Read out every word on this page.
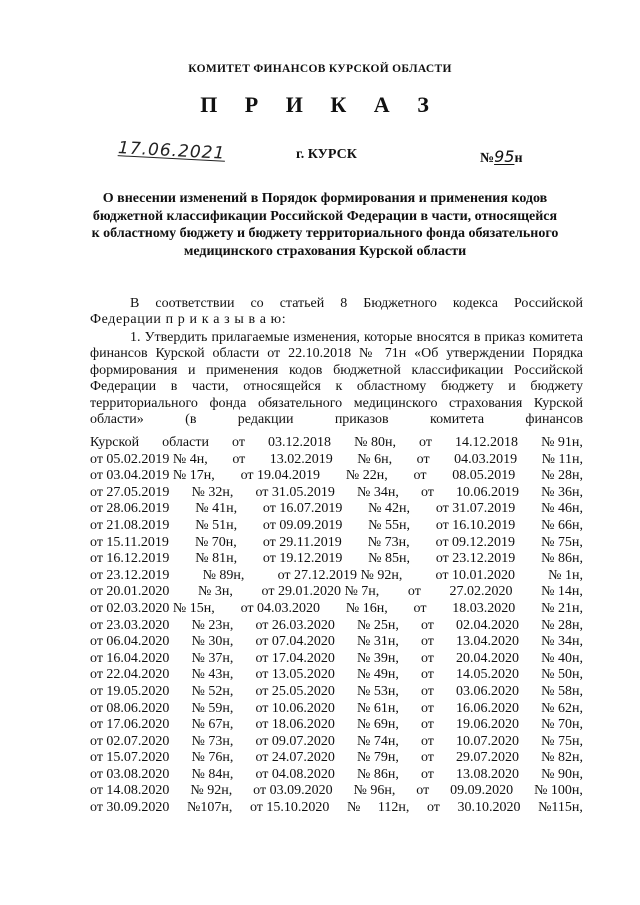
КОМИТЕТ ФИНАНСОВ КУРСКОЙ ОБЛАСТИ
П Р И К А З
17.06.2021	г. КУРСК	№95н
О внесении изменений в Порядок формирования и применения кодов бюджетной классификации Российской Федерации в части, относящейся к областному бюджету и бюджету территориального фонда обязательного медицинского страхования Курской области
В соответствии со статьей 8 Бюджетного кодекса Российской
Федерации п р и к а з ы в а ю:
1. Утвердить прилагаемые изменения, которые вносятся в приказ комитета финансов Курской области от 22.10.2018 № 71н «Об утверждении Порядка формирования и применения кодов бюджетной классификации Российской Федерации в части, относящейся к областному бюджету и бюджету территориального фонда обязательного медицинского страхования Курской области» (в редакции приказов комитета финансов
Курской области от 03.12.2018 № 80н, от 14.12.2018 № 91н,
от 05.02.2019 № 4н, от 13.02.2019 № 6н, от 04.03.2019 № 11н,
от 03.04.2019 № 17н, от 19.04.2019 № 22н, от 08.05.2019 № 28н,
от 27.05.2019 № 32н, от 31.05.2019 № 34н, от 10.06.2019 № 36н,
от 28.06.2019 № 41н, от 16.07.2019 № 42н, от 31.07.2019 № 46н,
от 21.08.2019 № 51н, от 09.09.2019 № 55н, от 16.10.2019 № 66н,
от 15.11.2019 № 70н, от 29.11.2019 № 73н, от 09.12.2019 № 75н,
от 16.12.2019 № 81н, от 19.12.2019 № 85н, от 23.12.2019 № 86н,
от 23.12.2019 № 89н, от 27.12.2019 № 92н, от 10.01.2020 № 1н,
от 20.01.2020 № 3н, от 29.01.2020 № 7н, от 27.02.2020 № 14н,
от 02.03.2020 № 15н, от 04.03.2020 № 16н, от 18.03.2020 № 21н,
от 23.03.2020 № 23н, от 26.03.2020 № 25н, от 02.04.2020 № 28н,
от 06.04.2020 № 30н, от 07.04.2020 № 31н, от 13.04.2020 № 34н,
от 16.04.2020 № 37н, от 17.04.2020 № 39н, от 20.04.2020 № 40н,
от 22.04.2020 № 43н, от 13.05.2020 № 49н, от 14.05.2020 № 50н,
от 19.05.2020 № 52н, от 25.05.2020 № 53н, от 03.06.2020 № 58н,
от 08.06.2020 № 59н, от 10.06.2020 № 61н, от 16.06.2020 № 62н,
от 17.06.2020 № 67н, от 18.06.2020 № 69н, от 19.06.2020 № 70н,
от 02.07.2020 № 73н, от 09.07.2020 № 74н, от 10.07.2020 № 75н,
от 15.07.2020 № 76н, от 24.07.2020 № 79н, от 29.07.2020 № 82н,
от 03.08.2020 № 84н, от 04.08.2020 № 86н, от 13.08.2020 № 90н,
от 14.08.2020 № 92н, от 03.09.2020 № 96н, от 09.09.2020 № 100н,
от 30.09.2020 №107н, от 15.10.2020 № 112н, от 30.10.2020 №115н,
